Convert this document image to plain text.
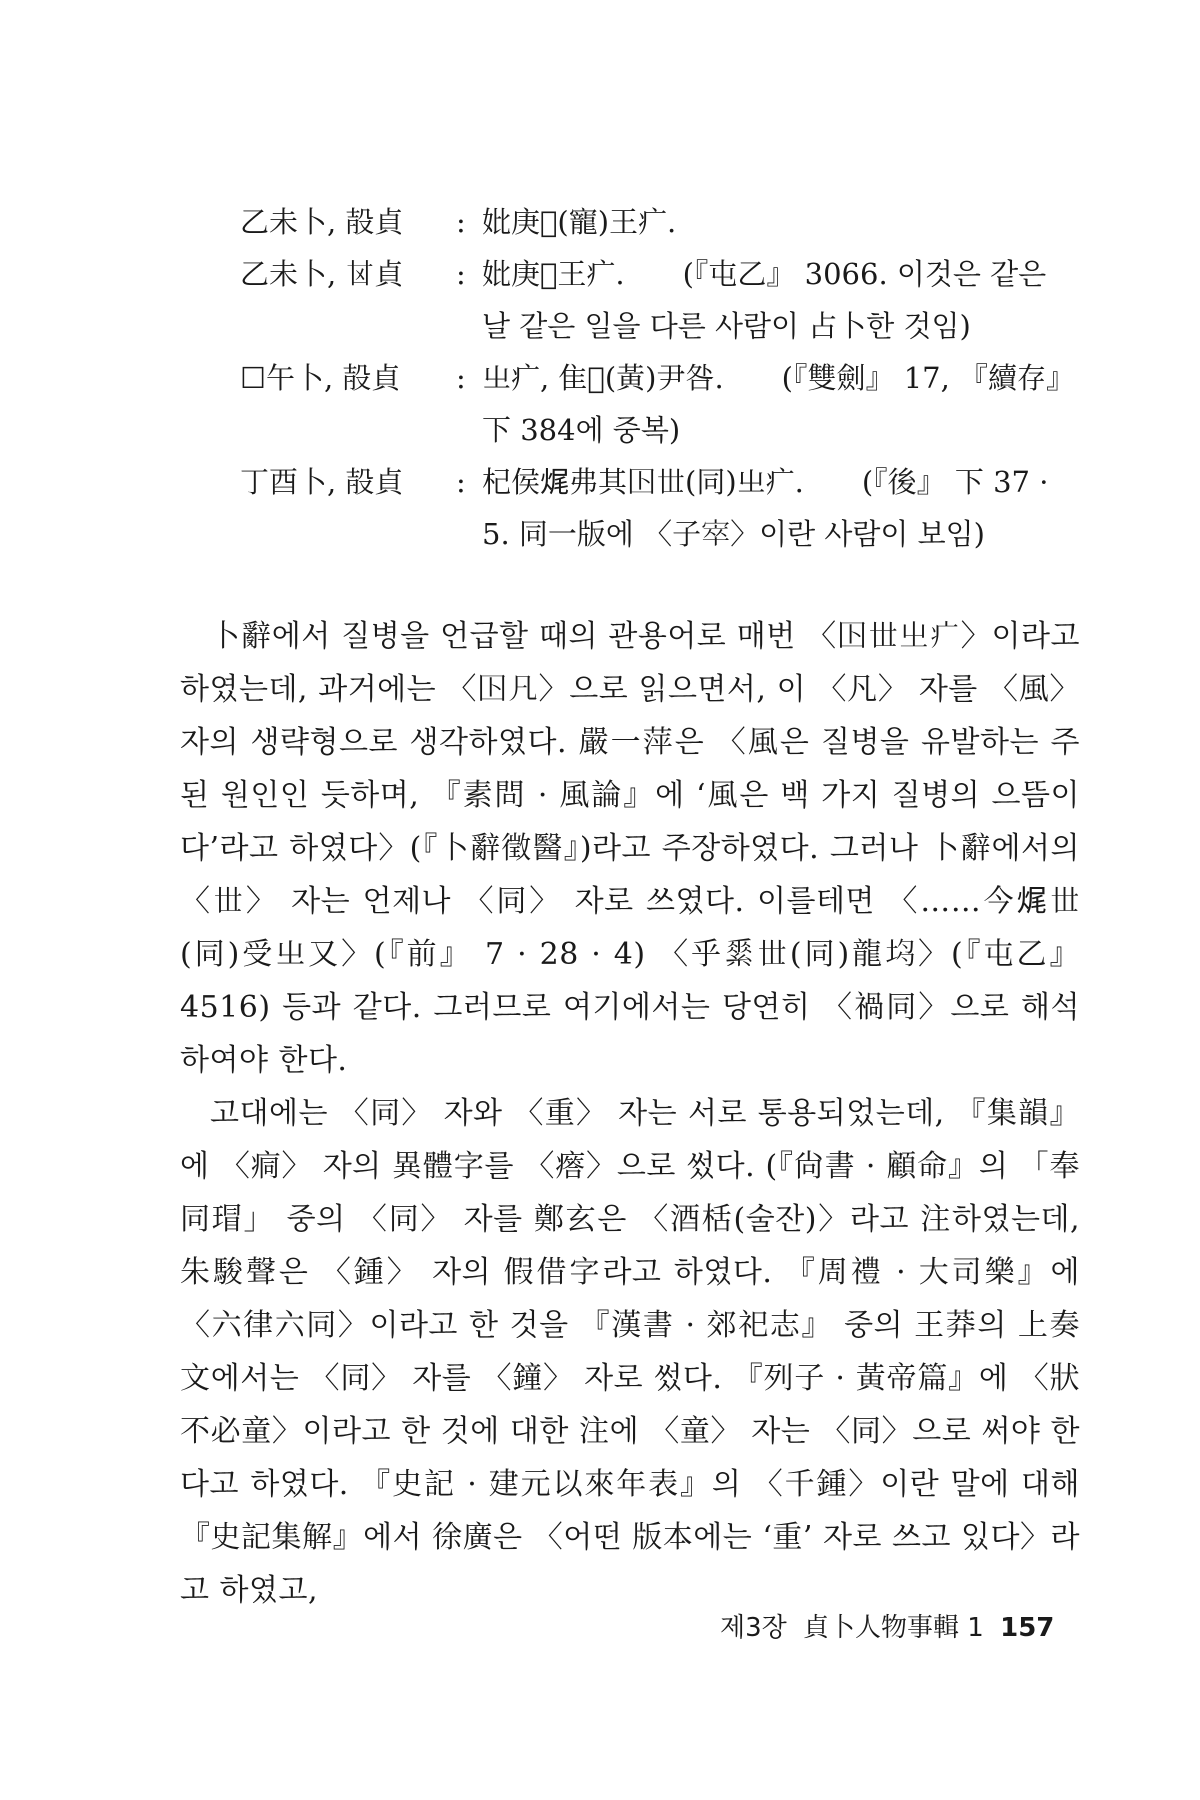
乙未卜, 㱿貞	: 妣庚𢍉(寵)王疒.
乙未卜, 𠀠貞	: 妣庚𢍉王疒.　　(『屯乙』 3066. 이것은 같은 날 같은 일을 다른 사람이 占卜한 것임)
☐午卜, 㱿貞	: 㞢疒, 隹𡚤(黃)尹咎.　　(『雙劍』 17, 『續存』 下 384에 중복)
丁酉卜, 㱿貞	: 杞侯𤈦弗其𡆥𠀍(同)㞢疒.　　(『後』 下 37 · 5. 同一版에 〈子𡨧〉이란 사람이 보임)

卜辭에서 질병을 언급할 때의 관용어로 매번 〈𡆥𠀍㞢疒〉이라고 하였는데, 과거에는 〈𡆥凡〉으로 읽으면서, 이 〈凡〉 자를 〈風〉 자의 생략형으로 생각하였다. 嚴一萍은 〈風은 질병을 유발하는 주된 원인인 듯하며, 『素問 · 風論』에 ‘風은 백 가지 질병의 으뜸이다’라고 하였다〉(『卜辭徵醫』)라고 주장하였다. 그러나 卜辭에서의 〈𠀍〉 자는 언제나 〈同〉 자로 쓰였다. 이를테면 〈……今𤈦𠀍(同)受㞢又〉(『前』 7 · 28 · 4) 〈乎𦃃𠀍(同)龍𡋝〉(『屯乙』 4516) 등과 같다. 그러므로 여기에서는 당연히 〈禍同〉으로 해석하여야 한다.

고대에는 〈同〉 자와 〈重〉 자는 서로 통용되었는데, 『集韻』에 〈痌〉 자의 異體字를 〈𤺥〉으로 썼다. (『尙書 · 顧命』의 「奉同瑁」 중의 〈同〉 자를 鄭玄은 〈酒栝(술잔)〉라고 注하였는데, 朱駿聲은 〈鍾〉 자의 假借字라고 하였다. 『周禮 · 大司樂』에 〈六律六同〉이라고 한 것을 『漢書 · 郊祀志』 중의 王莽의 上奏文에서는 〈同〉 자를 〈鐘〉 자로 썼다. 『列子 · 黃帝篇』에 〈狀不必童〉이라고 한 것에 대한 注에 〈童〉 자는 〈同〉으로 써야 한다고 하였다. 『史記 · 建元以來年表』의 〈千鍾〉이란 말에 대해 『史記集解』에서 徐廣은 〈어떤 版本에는 ‘重’ 자로 쓰고 있다〉라고 하였고,

제3장 貞卜人物事輯 1 157
